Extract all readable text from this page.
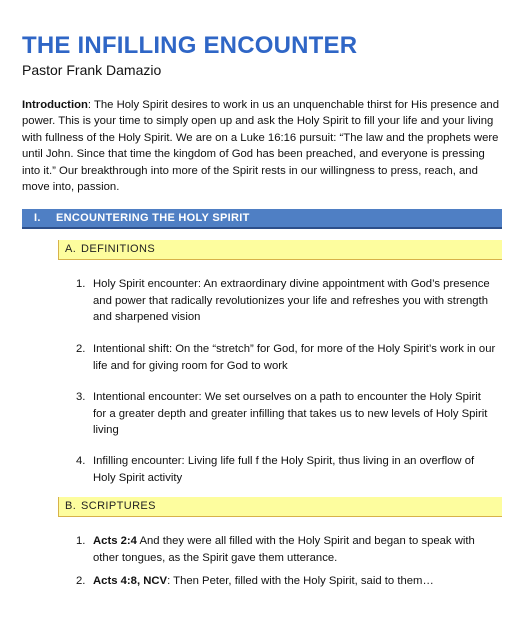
THE INFILLING ENCOUNTER
Pastor Frank Damazio
Introduction: The Holy Spirit desires to work in us an unquenchable thirst for His presence and power. This is your time to simply open up and ask the Holy Spirit to fill your life and your living with fullness of the Holy Spirit. We are on a Luke 16:16 pursuit: “The law and the prophets were until John. Since that time the kingdom of God has been preached, and everyone is pressing into it.” Our breakthrough into more of the Spirit rests in our willingness to press, reach, and move into, passion.
I. ENCOUNTERING THE HOLY SPIRIT
A. DEFINITIONS
1. Holy Spirit encounter: An extraordinary divine appointment with God’s presence and power that radically revolutionizes your life and refreshes you with strength and sharpened vision
2. Intentional shift: On the “stretch” for God, for more of the Holy Spirit’s work in our life and for giving room for God to work
3. Intentional encounter: We set ourselves on a path to encounter the Holy Spirit for a greater depth and greater infilling that takes us to new levels of Holy Spirit living
4. Infilling encounter: Living life full f the Holy Spirit, thus living in an overflow of Holy Spirit activity
B. SCRIPTURES
1. Acts 2:4 And they were all filled with the Holy Spirit and began to speak with other tongues, as the Spirit gave them utterance.
2. Acts 4:8, NCV: Then Peter, filled with the Holy Spirit, said to them…
